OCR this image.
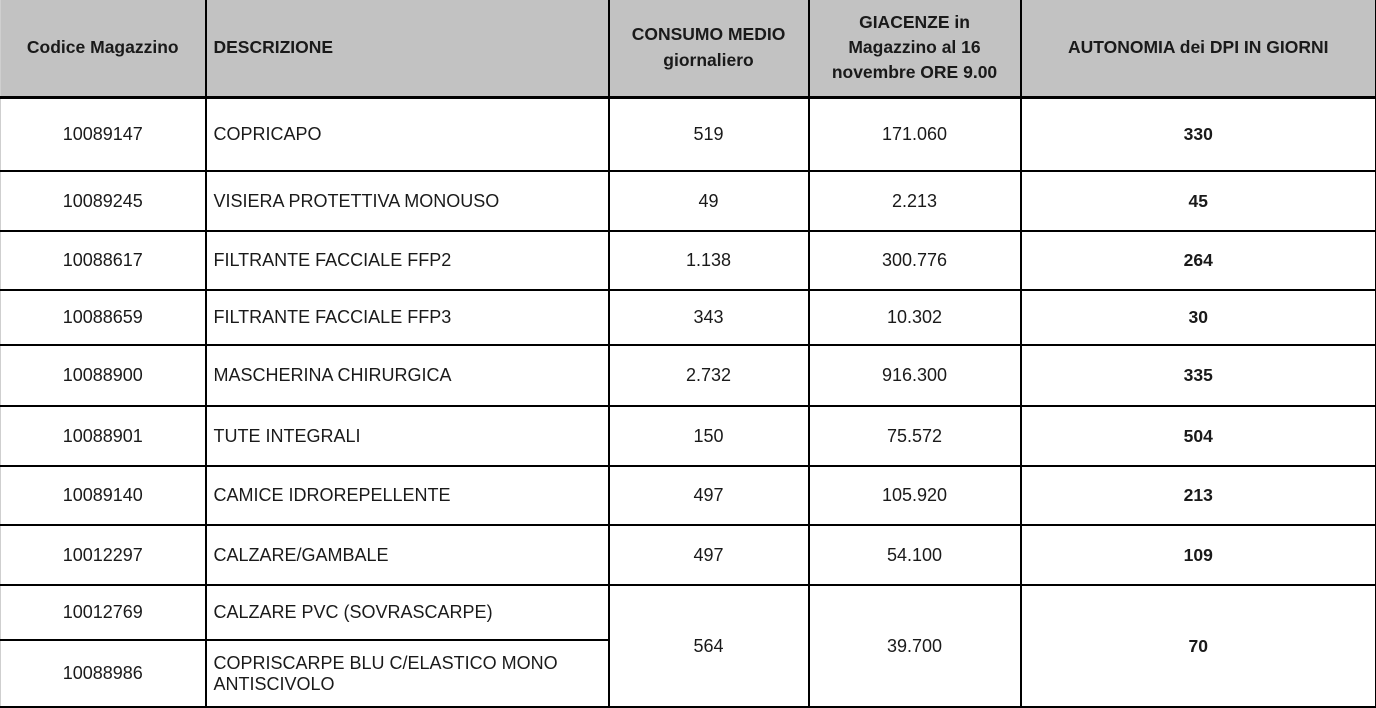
Codice Magazzino	DESCRIZIONE	CONSUMO MEDIO giornaliero	GIACENZE in Magazzino al 16 novembre ORE 9.00	AUTONOMIA dei DPI IN GIORNI
10089147	COPRICAPO	519	171.060	330
10089245	VISIERA PROTETTIVA MONOUSO	49	2.213	45
10088617	FILTRANTE FACCIALE FFP2	1.138	300.776	264
10088659	FILTRANTE FACCIALE FFP3	343	10.302	30
10088900	MASCHERINA CHIRURGICA	2.732	916.300	335
10088901	TUTE INTEGRALI	150	75.572	504
10089140	CAMICE IDROREPELLENTE	497	105.920	213
10012297	CALZARE/GAMBALE	497	54.100	109
10012769	CALZARE PVC (SOVRASCARPE)	564	39.700	70
10088986	COPRISCARPE BLU C/ELASTICO MONO ANTISCIVOLO			
